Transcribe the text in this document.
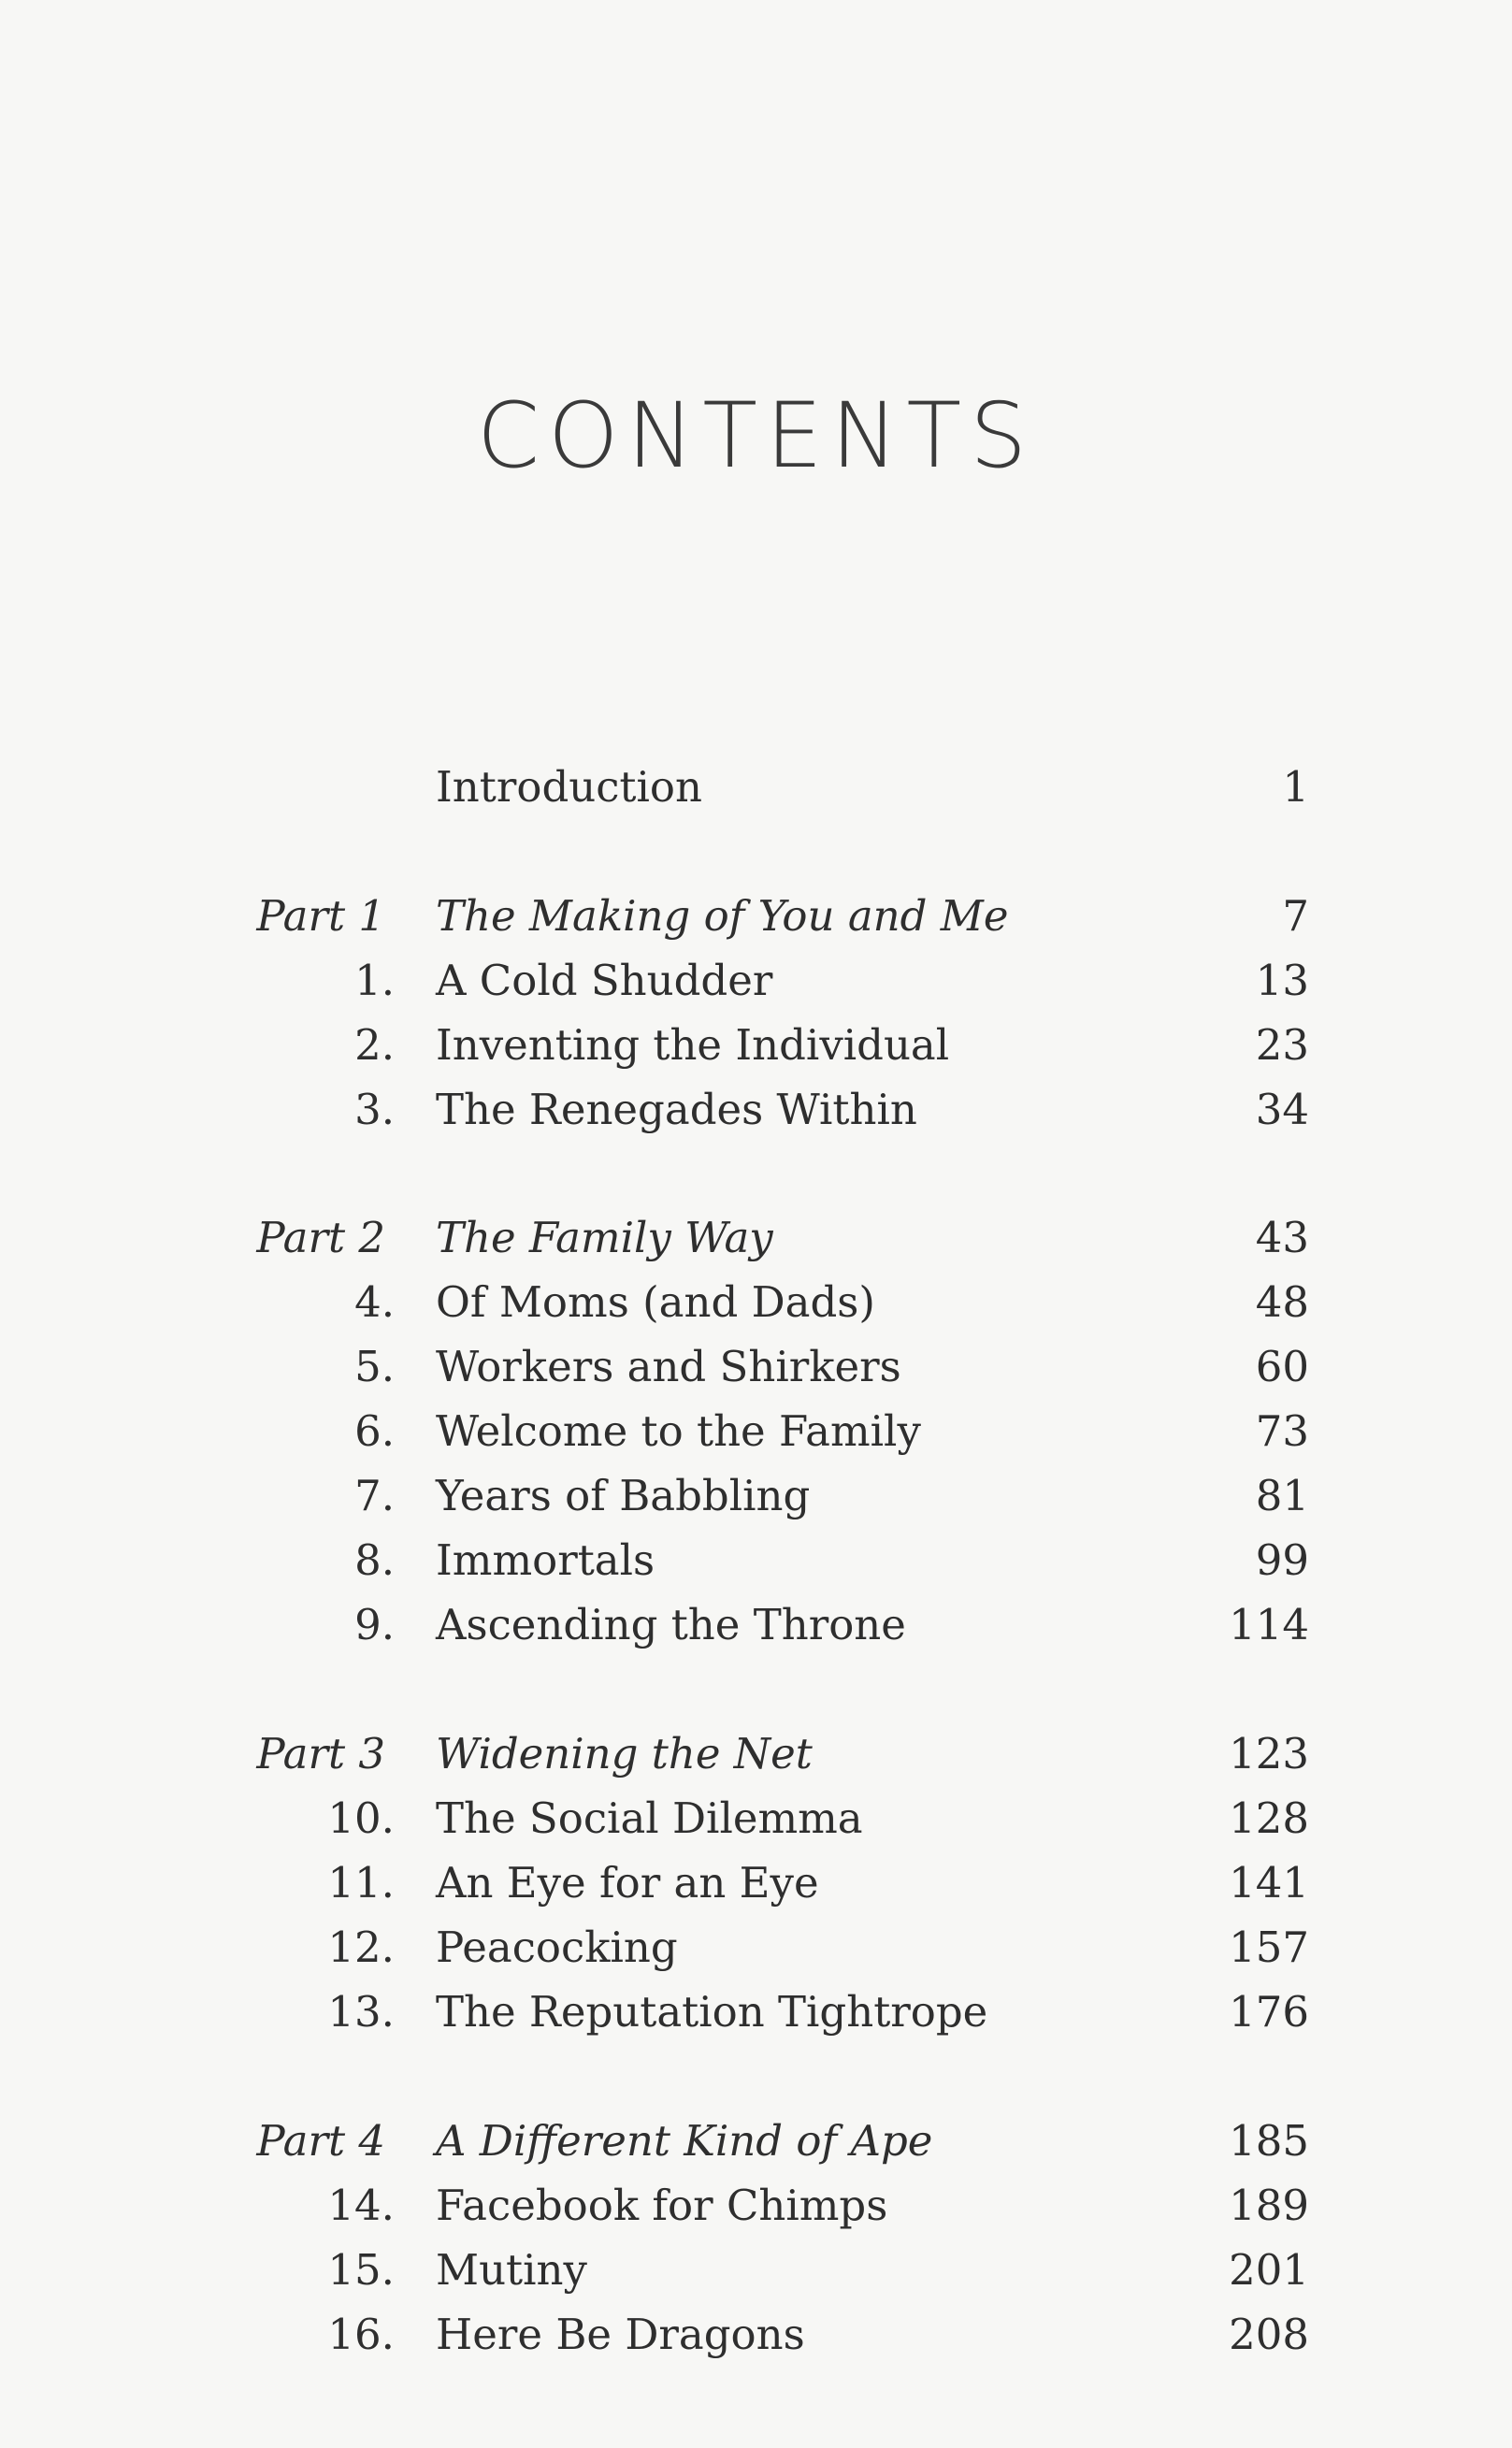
CONTENTS
Introduction	1
Part 1 The Making of You and Me	7
1. A Cold Shudder	13
2. Inventing the Individual	23
3. The Renegades Within	34
Part 2 The Family Way	43
4. Of Moms (and Dads)	48
5. Workers and Shirkers	60
6. Welcome to the Family	73
7. Years of Babbling	81
8. Immortals	99
9. Ascending the Throne	114
Part 3 Widening the Net	123
10. The Social Dilemma	128
11. An Eye for an Eye	141
12. Peacocking	157
13. The Reputation Tightrope	176
Part 4 A Different Kind of Ape	185
14. Facebook for Chimps	189
15. Mutiny	201
16. Here Be Dragons	208
